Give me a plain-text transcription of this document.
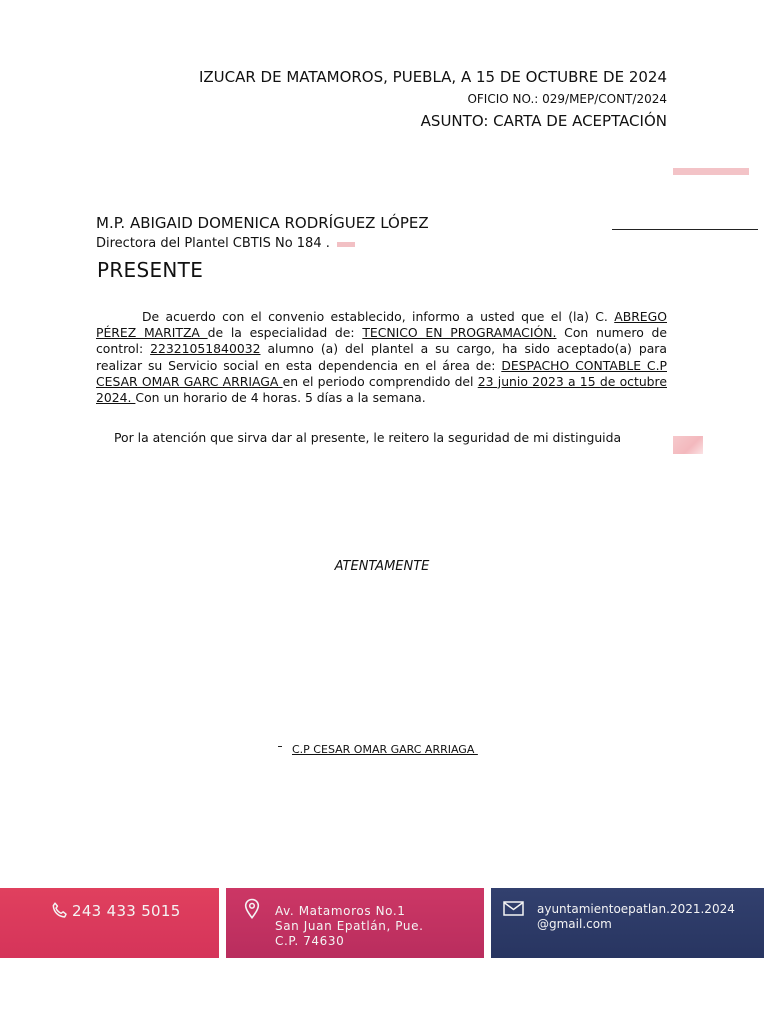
IZUCAR DE MATAMOROS, PUEBLA, A 15 DE OCTUBRE DE 2024
OFICIO NO.: 029/MEP/CONT/2024
ASUNTO: CARTA DE ACEPTACIÓN
M.P. ABIGAID DOMENICA RODRÍGUEZ LÓPEZ
Directora del Plantel CBTIS No 184 .
PRESENTE
De acuerdo con el convenio establecido, informo a usted que el (la) C. ABREGO PÉREZ MARITZA de la especialidad de: TECNICO EN PROGRAMACIÓN. Con numero de control: 22321051840032 alumno (a) del plantel a su cargo, ha sido aceptado(a) para realizar su Servicio social en esta dependencia en el área de: DESPACHO CONTABLE C.P CESAR OMAR GARC ARRIAGA en el periodo comprendido del 23 junio 2023 a 15 de octubre 2024. Con un horario de 4 horas. 5 días a la semana.
Por la atención que sirva dar al presente, le reitero la seguridad de mi distinguida
ATENTAMENTE
C.P CESAR OMAR GARC ARRIAGA
243 433 5015	Av. Matamoros No.1
San Juan Epatlán, Pue.
C.P. 74630
ayuntamientoepatlan.2021.2024
@gmail.com
